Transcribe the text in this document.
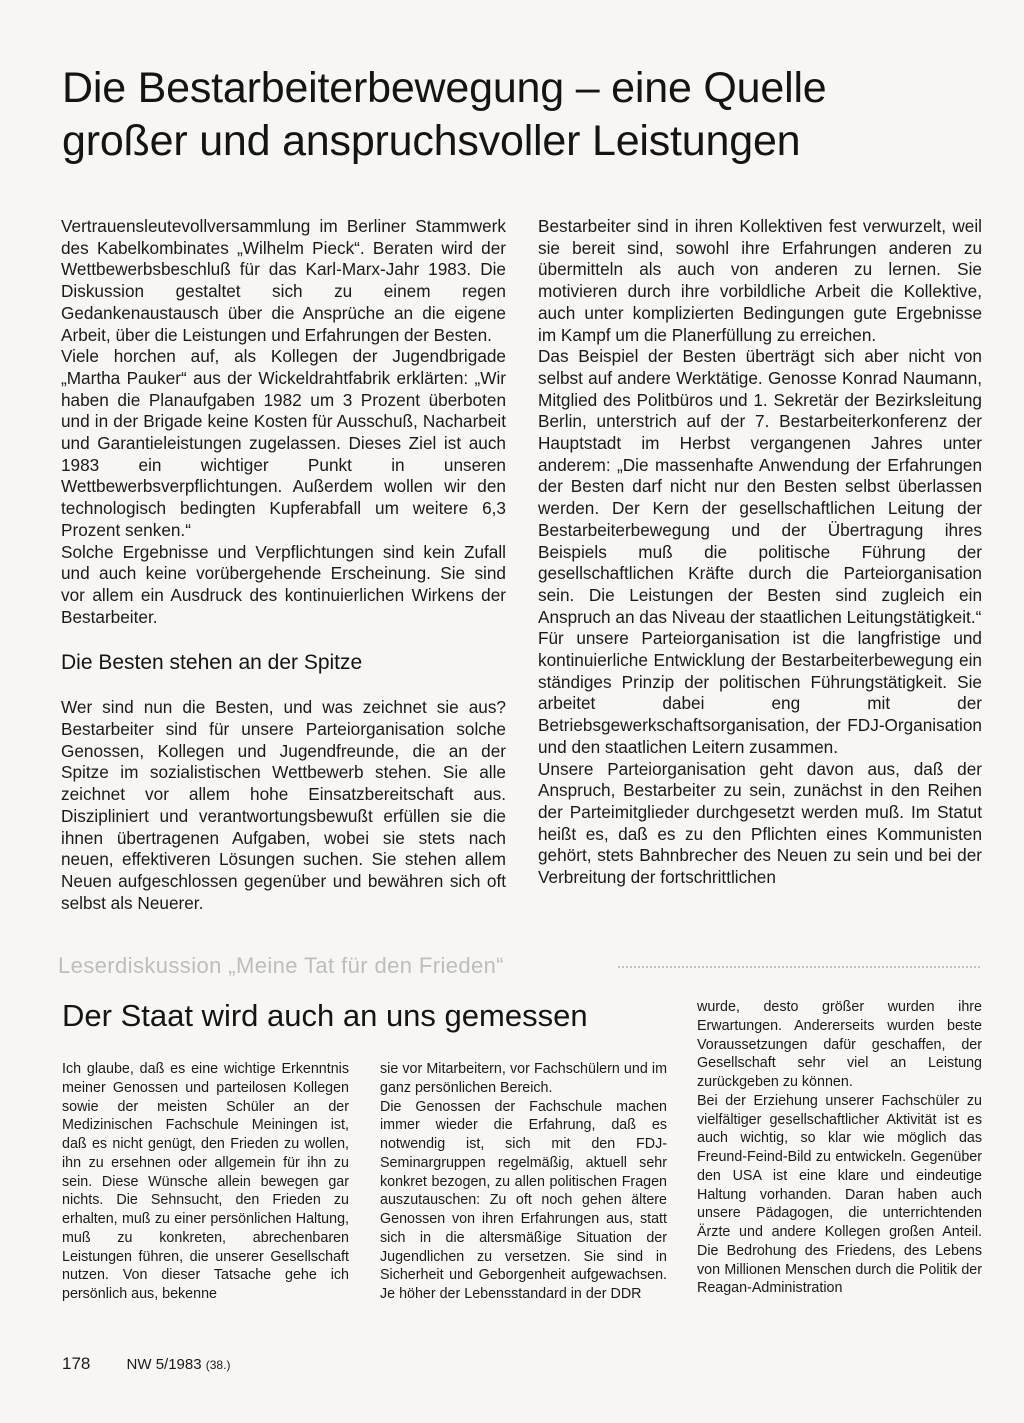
Die Bestarbeiterbewegung – eine Quelle
großer und anspruchsvoller Leistungen

Vertrauensleutevollversammlung im Berliner Stammwerk des Kabelkombinates „Wilhelm Pieck“. Beraten wird der Wettbewerbsbeschluß für das Karl-Marx-Jahr 1983. Die Diskussion gestaltet sich zu einem regen Gedankenaustausch über die Ansprüche an die eigene Arbeit, über die Leistungen und Erfahrungen der Besten.

Viele horchen auf, als Kollegen der Jugendbrigade „Martha Pauker“ aus der Wickeldrahtfabrik erklärten: „Wir haben die Planaufgaben 1982 um 3 Prozent überboten und in der Brigade keine Kosten für Ausschuß, Nacharbeit und Garantieleistungen zugelassen. Dieses Ziel ist auch 1983 ein wichtiger Punkt in unseren Wettbewerbsverpflichtungen. Außerdem wollen wir den technologisch bedingten Kupferabfall um weitere 6,3 Prozent senken.“

Solche Ergebnisse und Verpflichtungen sind kein Zufall und auch keine vorübergehende Erscheinung. Sie sind vor allem ein Ausdruck des kontinuierlichen Wirkens der Bestarbeiter.

Die Besten stehen an der Spitze

Wer sind nun die Besten, und was zeichnet sie aus? Bestarbeiter sind für unsere Parteiorganisation solche Genossen, Kollegen und Jugendfreunde, die an der Spitze im sozialistischen Wettbewerb stehen. Sie alle zeichnet vor allem hohe Einsatzbereitschaft aus. Diszipliniert und verantwortungsbewußt erfüllen sie die ihnen übertragenen Aufgaben, wobei sie stets nach neuen, effektiveren Lösungen suchen. Sie stehen allem Neuen aufgeschlossen gegenüber und bewähren sich oft selbst als Neuerer.

Bestarbeiter sind in ihren Kollektiven fest verwurzelt, weil sie bereit sind, sowohl ihre Erfahrungen anderen zu übermitteln als auch von anderen zu lernen. Sie motivieren durch ihre vorbildliche Arbeit die Kollektive, auch unter komplizierten Bedingungen gute Ergebnisse im Kampf um die Planerfüllung zu erreichen.

Das Beispiel der Besten überträgt sich aber nicht von selbst auf andere Werktätige. Genosse Konrad Naumann, Mitglied des Politbüros und 1. Sekretär der Bezirksleitung Berlin, unterstrich auf der 7. Bestarbeiterkonferenz der Hauptstadt im Herbst vergangenen Jahres unter anderem: „Die massenhafte Anwendung der Erfahrungen der Besten darf nicht nur den Besten selbst überlassen werden. Der Kern der gesellschaftlichen Leitung der Bestarbeiterbewegung und der Übertragung ihres Beispiels muß die politische Führung der gesellschaftlichen Kräfte durch die Parteiorganisation sein. Die Leistungen der Besten sind zugleich ein Anspruch an das Niveau der staatlichen Leitungstätigkeit.“

Für unsere Parteiorganisation ist die langfristige und kontinuierliche Entwicklung der Bestarbeiterbewegung ein ständiges Prinzip der politischen Führungstätigkeit. Sie arbeitet dabei eng mit der Betriebsgewerkschaftsorganisation, der FDJ-Organisation und den staatlichen Leitern zusammen.

Unsere Parteiorganisation geht davon aus, daß der Anspruch, Bestarbeiter zu sein, zunächst in den Reihen der Parteimitglieder durchgesetzt werden muß. Im Statut heißt es, daß es zu den Pflichten eines Kommunisten gehört, stets Bahnbrecher des Neuen zu sein und bei der Verbreitung der fortschrittlichen

Leserdiskussion „Meine Tat für den Frieden“
Der Staat wird auch an uns gemessen

Ich glaube, daß es eine wichtige Erkenntnis meiner Genossen und parteilosen Kollegen sowie der meisten Schüler an der Medizinischen Fachschule Meiningen ist, daß es nicht genügt, den Frieden zu wollen, ihn zu ersehnen oder allgemein für ihn zu sein. Diese Wünsche allein bewegen gar nichts. Die Sehnsucht, den Frieden zu erhalten, muß zu einer persönlichen Haltung, muß zu konkreten, abrechenbaren Leistungen führen, die unserer Gesellschaft nutzen. Von dieser Tatsache gehe ich persönlich aus, bekenne

sie vor Mitarbeitern, vor Fachschülern und im ganz persönlichen Bereich.

Die Genossen der Fachschule machen immer wieder die Erfahrung, daß es notwendig ist, sich mit den FDJ-Seminargruppen regelmäßig, aktuell sehr konkret bezogen, zu allen politischen Fragen auszutauschen: Zu oft noch gehen ältere Genossen von ihren Erfahrungen aus, statt sich in die altersmäßige Situation der Jugendlichen zu versetzen. Sie sind in Sicherheit und Geborgenheit aufgewachsen. Je höher der Lebensstandard in der DDR

wurde, desto größer wurden ihre Erwartungen. Andererseits wurden beste Voraussetzungen dafür geschaffen, der Gesellschaft sehr viel an Leistung zurückgeben zu können.

Bei der Erziehung unserer Fachschüler zu vielfältiger gesellschaftlicher Aktivität ist es auch wichtig, so klar wie möglich das Freund-Feind-Bild zu entwickeln. Gegenüber den USA ist eine klare und eindeutige Haltung vorhanden. Daran haben auch unsere Pädagogen, die unterrichtenden Ärzte und andere Kollegen großen Anteil. Die Bedrohung des Friedens, des Lebens von Millionen Menschen durch die Politik der Reagan-Administration

178 NW 5/1983 (38.)
